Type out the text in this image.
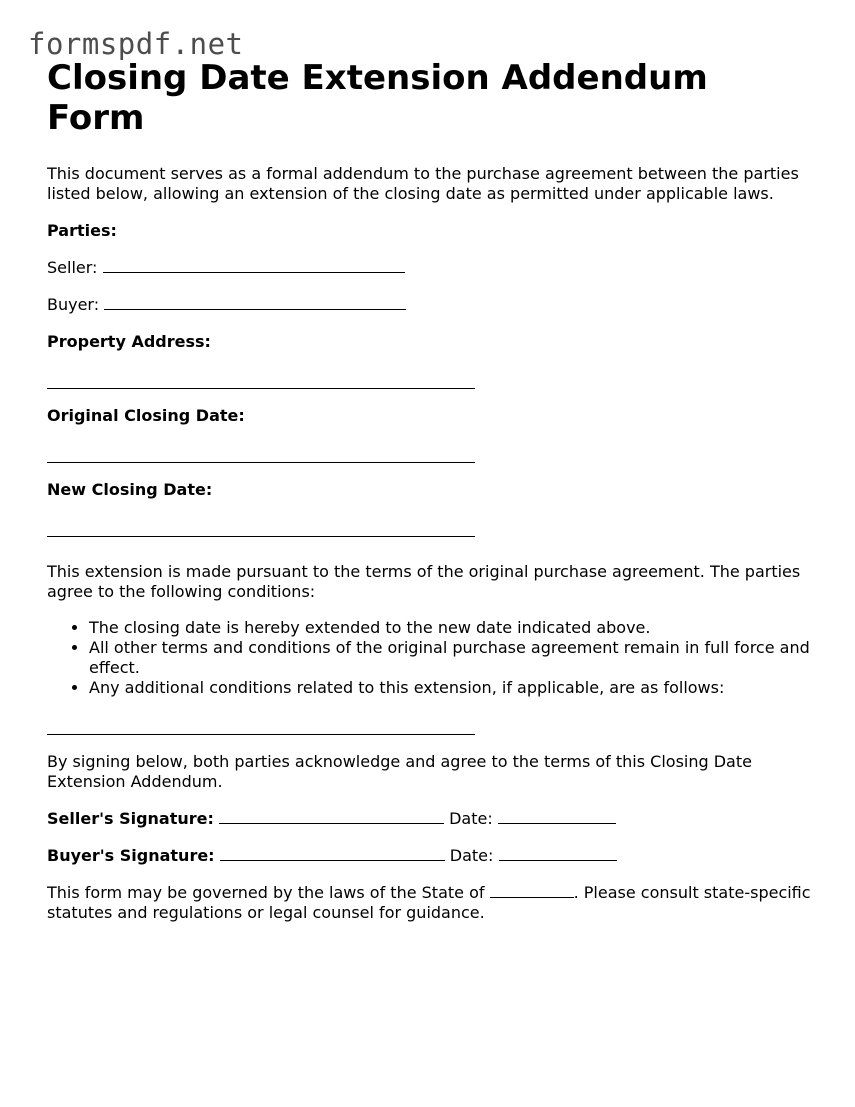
formspdf.net
Closing Date Extension Addendum Form

This document serves as a formal addendum to the purchase agreement between the parties listed below, allowing an extension of the closing date as permitted under applicable laws.

Parties:

Seller:

Buyer:

Property Address:

Original Closing Date:

New Closing Date:

This extension is made pursuant to the terms of the original purchase agreement. The parties agree to the following conditions:

• The closing date is hereby extended to the new date indicated above.
• All other terms and conditions of the original purchase agreement remain in full force and effect.
• Any additional conditions related to this extension, if applicable, are as follows:

By signing below, both parties acknowledge and agree to the terms of this Closing Date Extension Addendum.

Seller's Signature:	Date:

Buyer's Signature:	Date:

This form may be governed by the laws of the State of	. Please consult state-specific statutes and regulations or legal counsel for guidance.
